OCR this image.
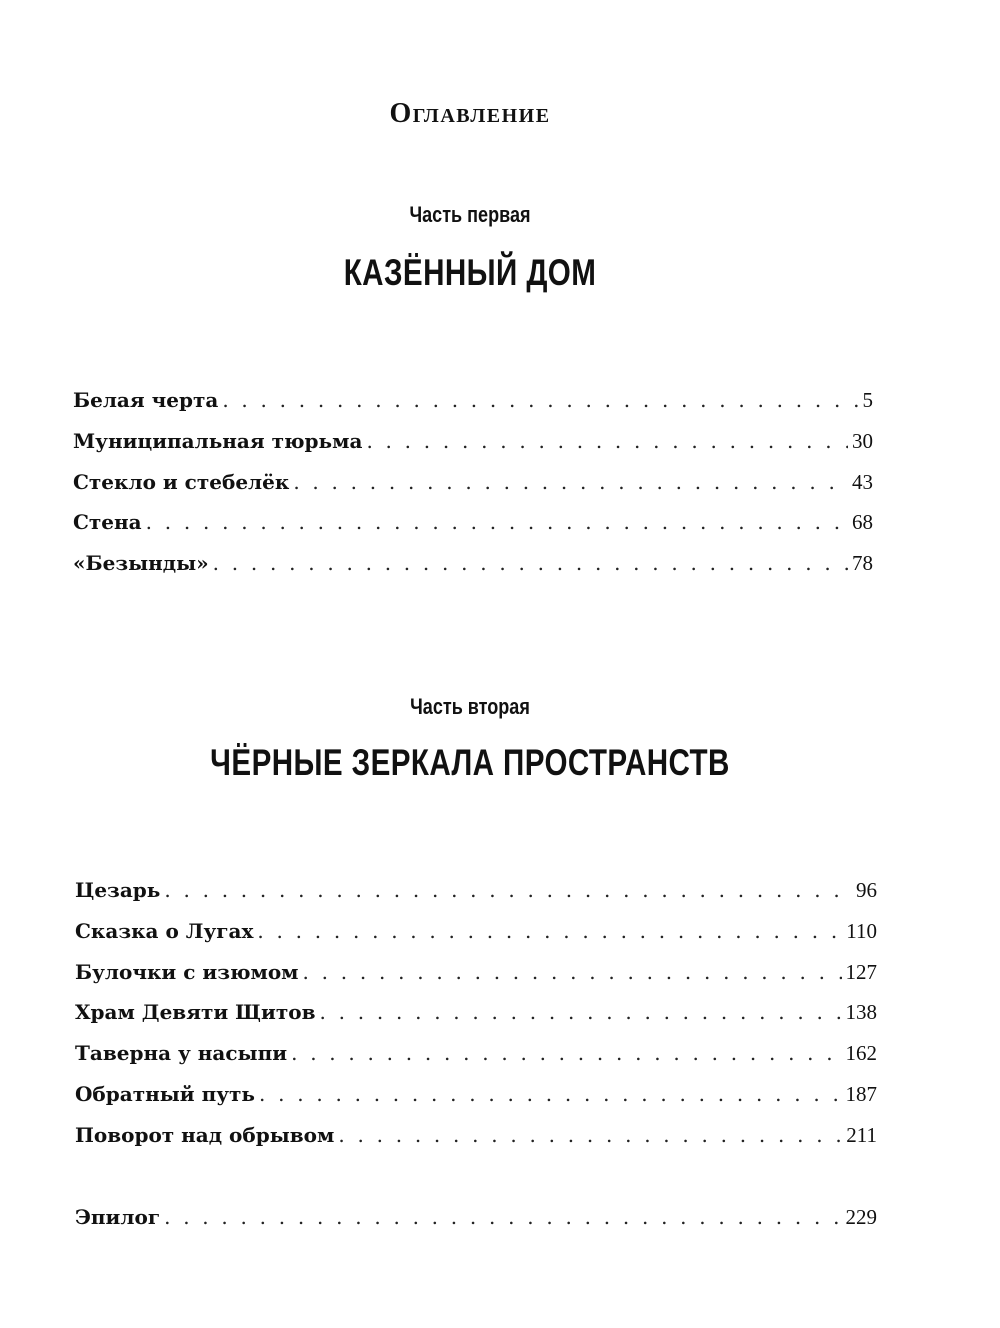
Оглавление
Часть первая
КАЗЁННЫЙ ДОМ
Белая черта . . .	5
Муниципальная тюрьма . . .	30
Стекло и стебелёк . . .	43
Стена . . .	68
«Безынды» . . .	78
Часть вторая
ЧЁРНЫЕ ЗЕРКАЛА ПРОСТРАНСТВ
Цезарь . . .	96
Сказка о Лугах . . .	110
Булочки с изюмом . . .	127
Храм Девяти Щитов . . .	138
Таверна у насыпи . . .	162
Обратный путь . . .	187
Поворот над обрывом . . .	211
Эпилог . . .	229
